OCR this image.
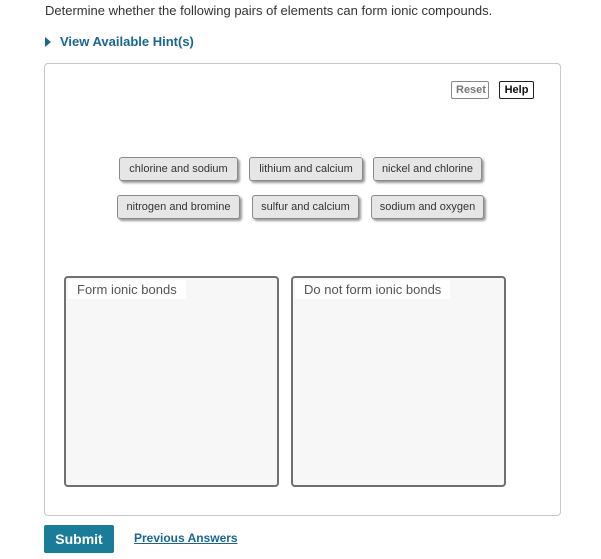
Determine whether the following pairs of elements can form ionic compounds.
View Available Hint(s)
Reset	Help
chlorine and sodium	lithium and calcium	nickel and chlorine
nitrogen and bromine	sulfur and calcium	sodium and oxygen
Form ionic bonds	Do not form ionic bonds
Submit	Previous Answers
